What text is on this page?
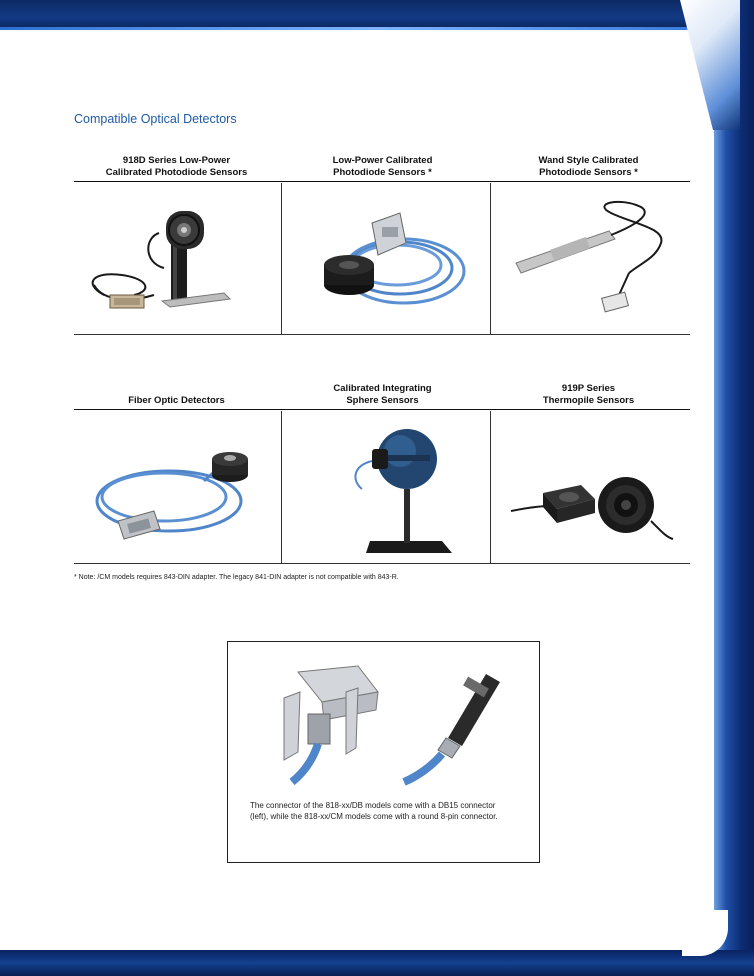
Compatible Optical Detectors
918D Series Low-Power
Calibrated Photodiode Sensors
Low-Power Calibrated
Photodiode Sensors *
Wand Style Calibrated
Photodiode Sensors *
Fiber Optic Detectors
Calibrated Integrating
Sphere Sensors
919P Series
Thermopile Sensors
* Note: /CM models requires 843-DIN adapter. The legacy 841-DIN adapter is not compatible with 843-R.
The connector of the 818-xx/DB models come with a DB15 connector
(left), while the 818-xx/CM models come with a round 8-pin connector.
